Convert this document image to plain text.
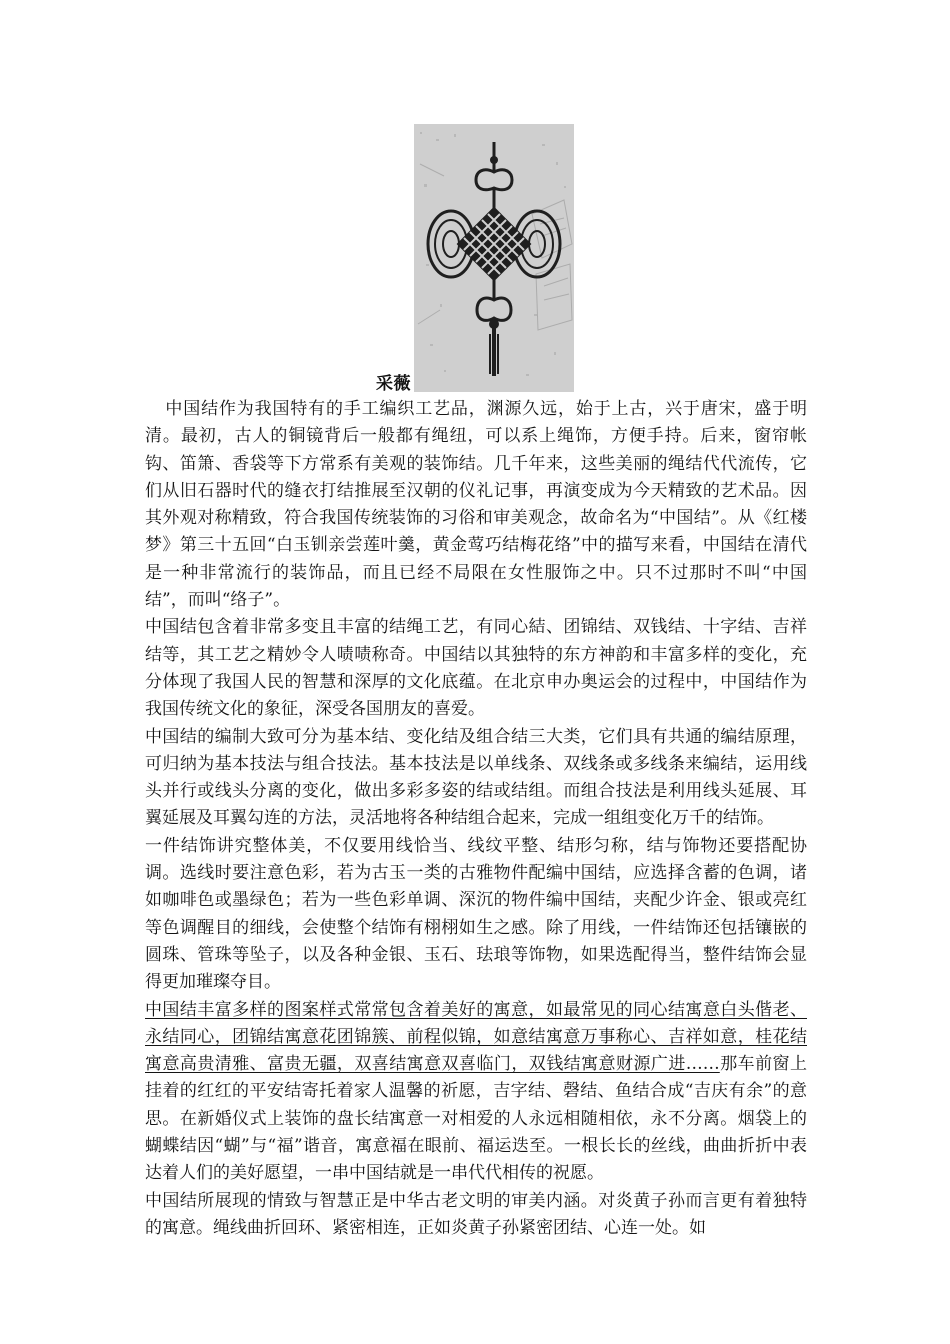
采薇

中国结作为我国特有的手工编织工艺品，渊源久远，始于上古，兴于唐宋，盛于明清。最初，古人的铜镜背后一般都有绳纽，可以系上绳饰，方便手持。后来，窗帘帐钩、笛箫、香袋等下方常系有美观的装饰结。几千年来，这些美丽的绳结代代流传，它们从旧石器时代的缝衣打结推展至汉朝的仪礼记事，再演变成为今天精致的艺术品。因其外观对称精致，符合我国传统装饰的习俗和审美观念，故命名为“中国结”。从《红楼梦》第三十五回“白玉钏亲尝莲叶羹，黄金莺巧结梅花络”中的描写来看，中国结在清代是一种非常流行的装饰品，而且已经不局限在女性服饰之中。只不过那时不叫“中国结”，而叫“络子”。

中国结包含着非常多变且丰富的结绳工艺，有同心結、团锦结、双钱结、十字结、吉祥结等，其工艺之精妙令人啧啧称奇。中国结以其独特的东方神韵和丰富多样的变化，充分体现了我国人民的智慧和深厚的文化底蕴。在北京申办奥运会的过程中，中国结作为我国传统文化的象征，深受各国朋友的喜爱。

中国结的编制大致可分为基本结、变化结及组合结三大类，它们具有共通的编结原理，可归纳为基本技法与组合技法。基本技法是以单线条、双线条或多线条来编结，运用线头并行或线头分离的变化，做出多彩多姿的结或结组。而组合技法是利用线头延展、耳翼延展及耳翼勾连的方法，灵活地将各种结组合起来，完成一组组变化万千的结饰。

一件结饰讲究整体美，不仅要用线恰当、线纹平整、结形匀称，结与饰物还要搭配协调。选线时要注意色彩，若为古玉一类的古雅物件配编中国结，应选择含蓄的色调，诸如咖啡色或墨绿色；若为一些色彩单调、深沉的物件编中国结，夹配少许金、银或亮红等色调醒目的细线，会使整个结饰有栩栩如生之感。除了用线，一件结饰还包括镶嵌的圆珠、管珠等坠子，以及各种金银、玉石、珐琅等饰物，如果选配得当，整件结饰会显得更加璀璨夺目。

中国结丰富多样的图案样式常常包含着美好的寓意，如最常见的同心结寓意白头偕老、永结同心，团锦结寓意花团锦簇、前程似锦，如意结寓意万事称心、吉祥如意，桂花结寓意高贵清雅、富贵无疆，双喜结寓意双喜临门，双钱结寓意财源广进……那车前窗上挂着的红红的平安结寄托着家人温馨的祈愿，吉字结、磬结、鱼结合成“吉庆有余”的意思。在新婚仪式上装饰的盘长结寓意一对相爱的人永远相随相依，永不分离。烟袋上的蝴蝶结因“蝴”与“福”谐音，寓意福在眼前、福运迭至。一根长长的丝线，曲曲折折中表达着人们的美好愿望，一串中国结就是一串代代相传的祝愿。

中国结所展现的情致与智慧正是中华古老文明的审美内涵。对炎黄子孙而言更有着独特的寓意。绳线曲折回环、紧密相连，正如炎黄子孙紧密团结、心连一处。如
